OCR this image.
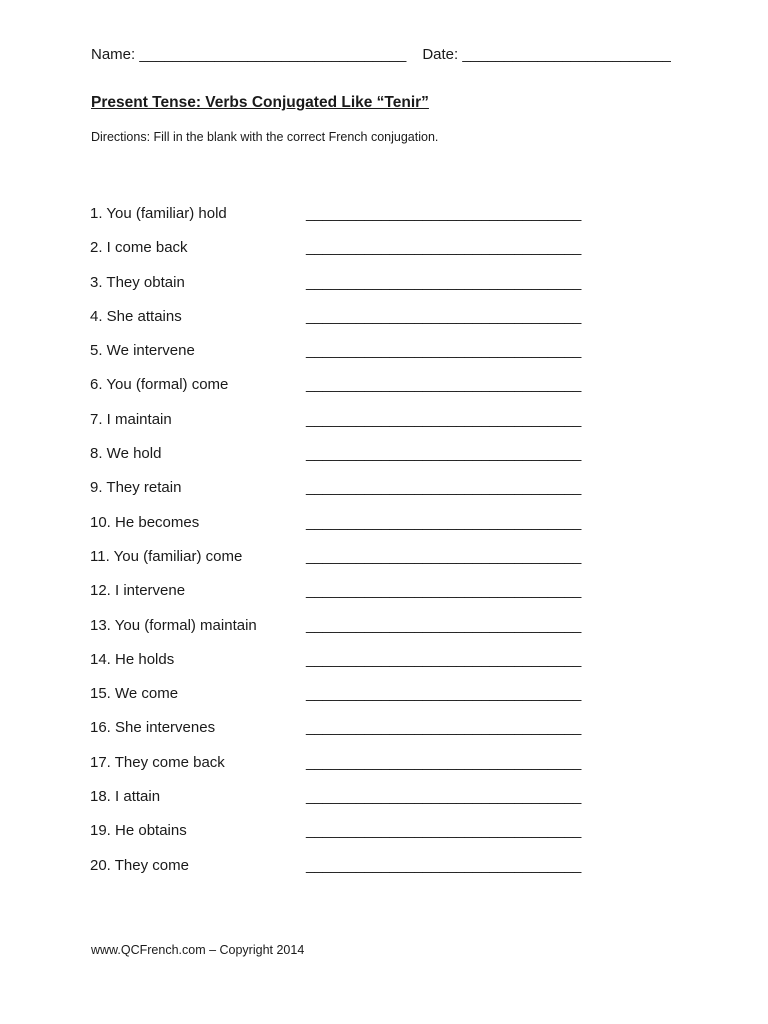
Name: ________________________________ Date: _________________________
Present Tense: Verbs Conjugated Like “Tenir”
Directions: Fill in the blank with the correct French conjugation.
1. You (familiar) hold	_________________________________
2. I come back	_________________________________
3. They obtain	_________________________________
4. She attains	_________________________________
5. We intervene	_________________________________
6. You (formal) come	_________________________________
7. I maintain	_________________________________
8. We hold	_________________________________
9. They retain	_________________________________
10. He becomes	_________________________________
11. You (familiar) come	_________________________________
12. I intervene	_________________________________
13. You (formal) maintain	_________________________________
14. He holds	_________________________________
15. We come	_________________________________
16. She intervenes	_________________________________
17. They come back	_________________________________
18. I attain	_________________________________
19. He obtains	_________________________________
20. They come	_________________________________
www.QCFrench.com – Copyright 2014
